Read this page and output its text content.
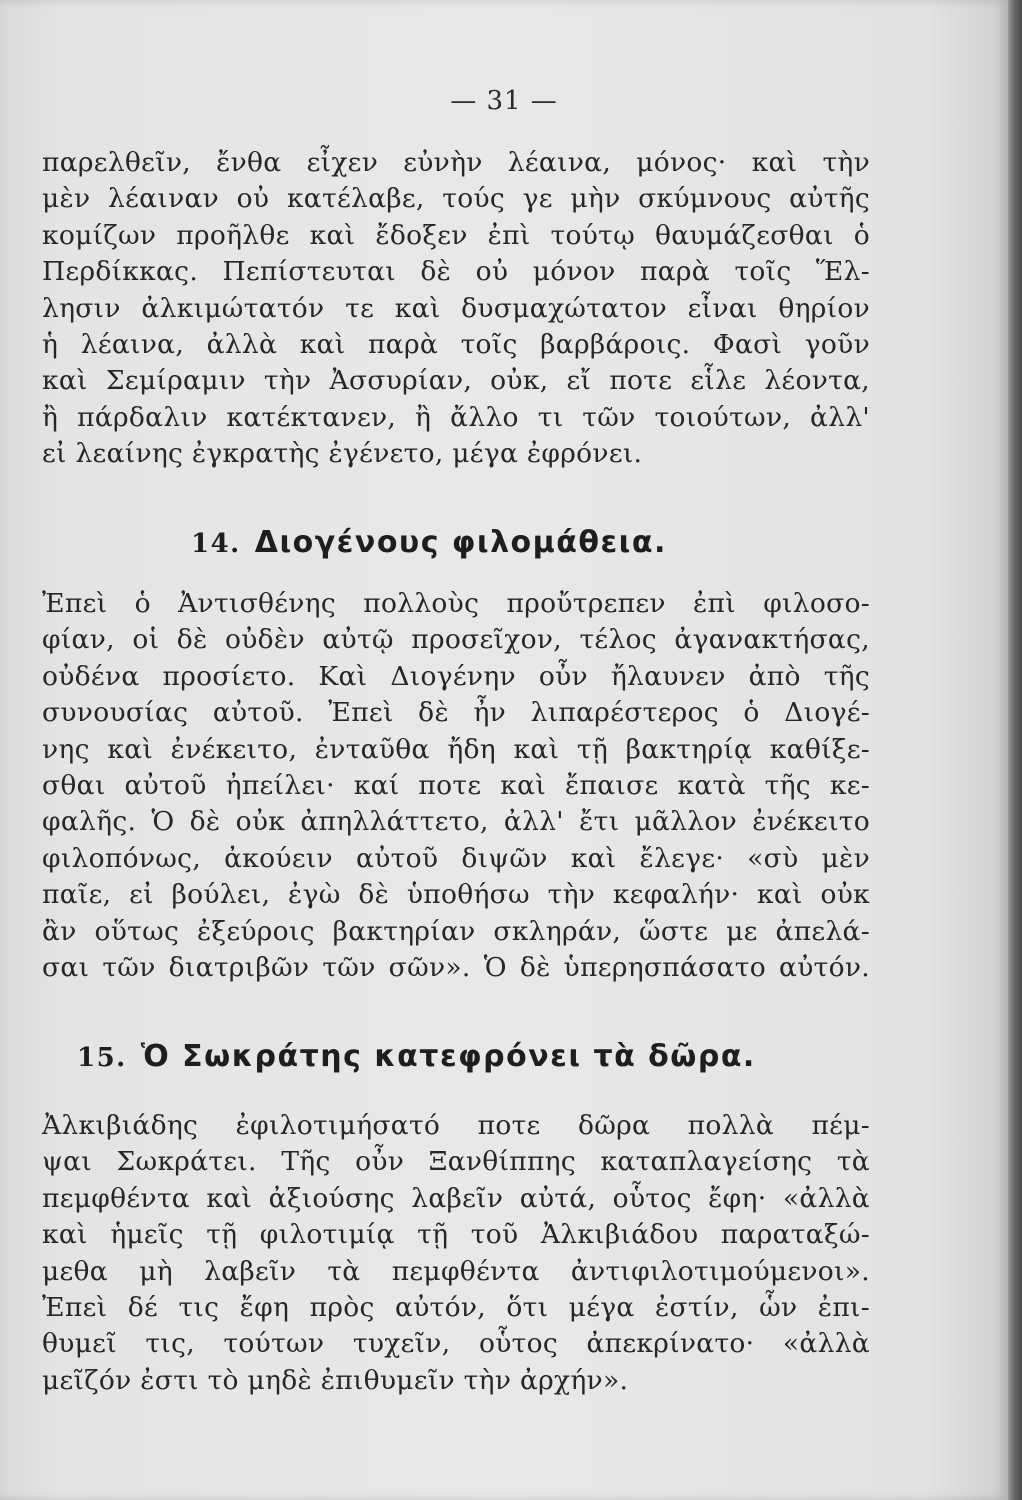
— 31 —
παρελθεῖν, ἔνθα εἶχεν εὐνὴν λέαινα, μόνος· καὶ τὴν
μὲν λέαιναν οὐ κατέλαβε, τούς γε μὴν σκύμνους αὐτῆς
κομίζων προῆλθε καὶ ἔδοξεν ἐπὶ τούτῳ θαυμάζεσθαι ὁ
Περδίκκας. Πεπίστευται δὲ οὐ μόνον παρὰ τοῖς Ἕλ-
λησιν ἀλκιμώτατόν τε καὶ δυσμαχώτατον εἶναι θηρίον
ἡ λέαινα, ἀλλὰ καὶ παρὰ τοῖς βαρβάροις. Φασὶ γοῦν
καὶ Σεμίραμιν τὴν Ἀσσυρίαν, οὐκ, εἴ ποτε εἷλε λέοντα,
ἢ πάρδαλιν κατέκτανεν, ἢ ἄλλο τι τῶν τοιούτων, ἀλλ'
εἰ λεαίνης ἐγκρατὴς ἐγένετο, μέγα ἐφρόνει.
14. Διογένους φιλομάθεια.
Ἐπεὶ ὁ Ἀντισθένης πολλοὺς προὔτρεπεν ἐπὶ φιλοσο-
φίαν, οἱ δὲ οὐδὲν αὐτῷ προσεῖχον, τέλος ἀγανακτήσας,
οὐδένα προσίετο. Καὶ Διογένην οὖν ἤλαυνεν ἀπὸ τῆς
συνουσίας αὐτοῦ. Ἐπεὶ δὲ ἦν λιπαρέστερος ὁ Διογέ-
νης καὶ ἐνέκειτο, ἐνταῦθα ἤδη καὶ τῇ βακτηρίᾳ καθίξε-
σθαι αὐτοῦ ἠπείλει· καί ποτε καὶ ἔπαισε κατὰ τῆς κε-
φαλῆς. Ὁ δὲ οὐκ ἀπηλλάττετο, ἀλλ' ἔτι μᾶλλον ἐνέκειτο
φιλοπόνως, ἀκούειν αὐτοῦ διψῶν καὶ ἔλεγε· «σὺ μὲν
παῖε, εἰ βούλει, ἐγὼ δὲ ὑποθήσω τὴν κεφαλήν· καὶ οὐκ
ἂν οὕτως ἐξεύροις βακτηρίαν σκληράν, ὥστε με ἀπελά-
σαι τῶν διατριβῶν τῶν σῶν». Ὁ δὲ ὑπερησπάσατο αὐτόν.
15. Ὁ Σωκράτης κατεφρόνει τὰ δῶρα.
Ἀλκιβιάδης ἐφιλοτιμήσατό ποτε δῶρα πολλὰ πέμ-
ψαι Σωκράτει. Τῆς οὖν Ξανθίππης καταπλαγείσης τὰ
πεμφθέντα καὶ ἀξιούσης λαβεῖν αὐτά, οὗτος ἔφη· «ἀλλὰ
καὶ ἡμεῖς τῇ φιλοτιμίᾳ τῇ τοῦ Ἀλκιβιάδου παραταξώ-
μεθα μὴ λαβεῖν τὰ πεμφθέντα ἀντιφιλοτιμούμενοι».
Ἐπεὶ δέ τις ἔφη πρὸς αὐτόν, ὅτι μέγα ἐστίν, ὧν ἐπι-
θυμεῖ τις, τούτων τυχεῖν, οὗτος ἀπεκρίνατο· «ἀλλὰ
μεῖζόν ἐστι τὸ μηδὲ ἐπιθυμεῖν τὴν ἀρχήν».
